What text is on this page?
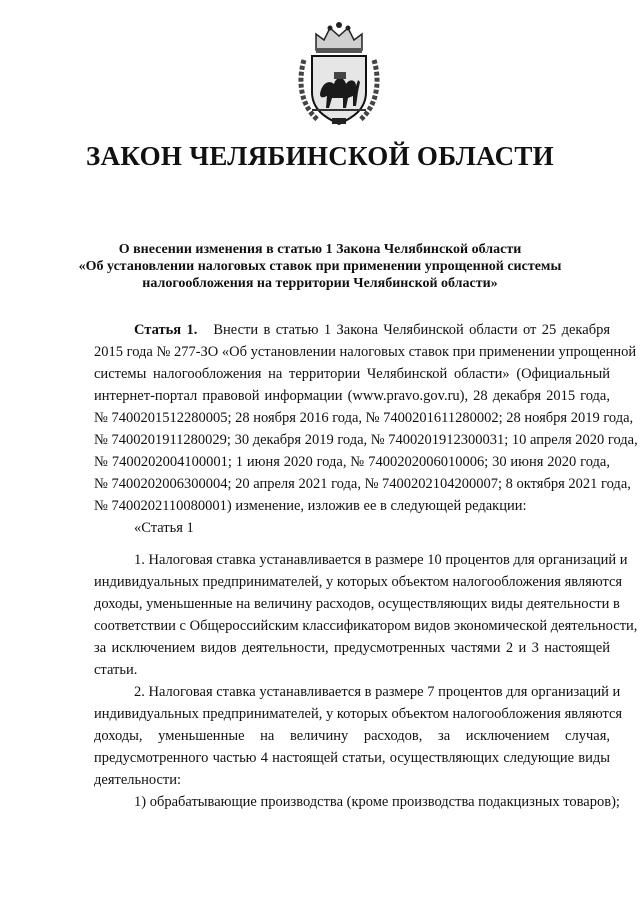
ЗАКОН ЧЕЛЯБИНСКОЙ ОБЛАСТИ
О внесении изменения в статью 1 Закона Челябинской области
«Об установлении налоговых ставок при применении упрощенной системы
налогообложения на территории Челябинской области»
Статья 1. Внести в статью 1 Закона Челябинской области от 25 декабря
2015 года № 277-ЗО «Об установлении налоговых ставок при применении упрощенной
системы налогообложения на территории Челябинской области» (Официальный
интернет-портал правовой информации (www.pravo.gov.ru), 28 декабря 2015 года,
№ 7400201512280005; 28 ноября 2016 года, № 7400201611280002; 28 ноября 2019 года,
№ 7400201911280029; 30 декабря 2019 года, № 7400201912300031; 10 апреля 2020 года,
№ 7400202004100001; 1 июня 2020 года, № 7400202006010006; 30 июня 2020 года,
№ 7400202006300004; 20 апреля 2021 года, № 7400202104200007; 8 октября 2021 года,
№ 7400202110080001) изменение, изложив ее в следующей редакции:
«Статья 1
1. Налоговая ставка устанавливается в размере 10 процентов для организаций и
индивидуальных предпринимателей, у которых объектом налогообложения являются
доходы, уменьшенные на величину расходов, осуществляющих виды деятельности в
соответствии с Общероссийским классификатором видов экономической деятельности,
за исключением видов деятельности, предусмотренных частями 2 и 3 настоящей
статьи.
2. Налоговая ставка устанавливается в размере 7 процентов для организаций и
индивидуальных предпринимателей, у которых объектом налогообложения являются
доходы, уменьшенные на величину расходов, за исключением случая,
предусмотренного частью 4 настоящей статьи, осуществляющих следующие виды
деятельности:
1) обрабатывающие производства (кроме производства подакцизных товаров);
